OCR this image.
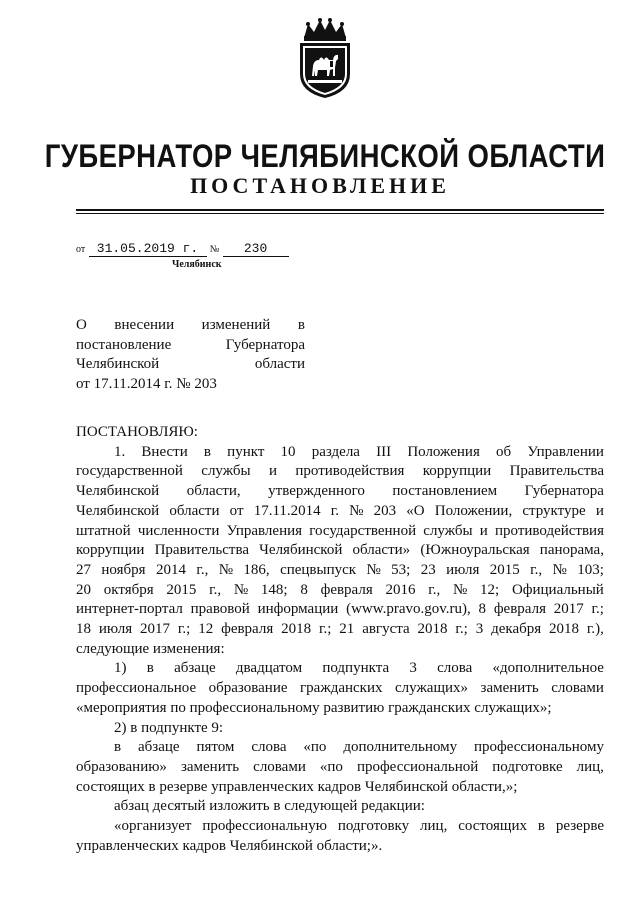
ГУБЕРНАТОР ЧЕЛЯБИНСКОЙ ОБЛАСТИ
ПОСТАНОВЛЕНИЕ
от 31.05.2019 г. № 230
Челябинск
О внесении изменений в
постановление	Губернатора
Челябинской	области
от 17.11.2014 г. № 203
ПОСТАНОВЛЯЮ:
1. Внести в пункт 10 раздела III Положения об Управлении
государственной службы и противодействия коррупции Правительства
Челябинской области, утвержденного постановлением Губернатора
Челябинской области от 17.11.2014 г. № 203 «О Положении, структуре и
штатной численности Управления государственной службы и противодействия
коррупции Правительства Челябинской области» (Южноуральская панорама,
27 ноября 2014 г., № 186, спецвыпуск № 53; 23 июля 2015 г., № 103;
20 октября 2015 г., № 148; 8 февраля 2016 г., № 12; Официальный
интернет-портал правовой информации (www.pravo.gov.ru), 8 февраля 2017 г.;
18 июля 2017 г.; 12 февраля 2018 г.; 21 августа 2018 г.; 3 декабря 2018 г.),
следующие изменения:
1) в абзаце двадцатом подпункта 3 слова «дополнительное
профессиональное образование гражданских служащих» заменить словами
«мероприятия по профессиональному развитию гражданских служащих»;
2) в подпункте 9:
в абзаце пятом слова «по дополнительному профессиональному
образованию» заменить словами «по профессиональной подготовке лиц,
состоящих в резерве управленческих кадров Челябинской области,»;
абзац десятый изложить в следующей редакции:
«организует профессиональную подготовку лиц, состоящих в резерве
управленческих кадров Челябинской области;».
